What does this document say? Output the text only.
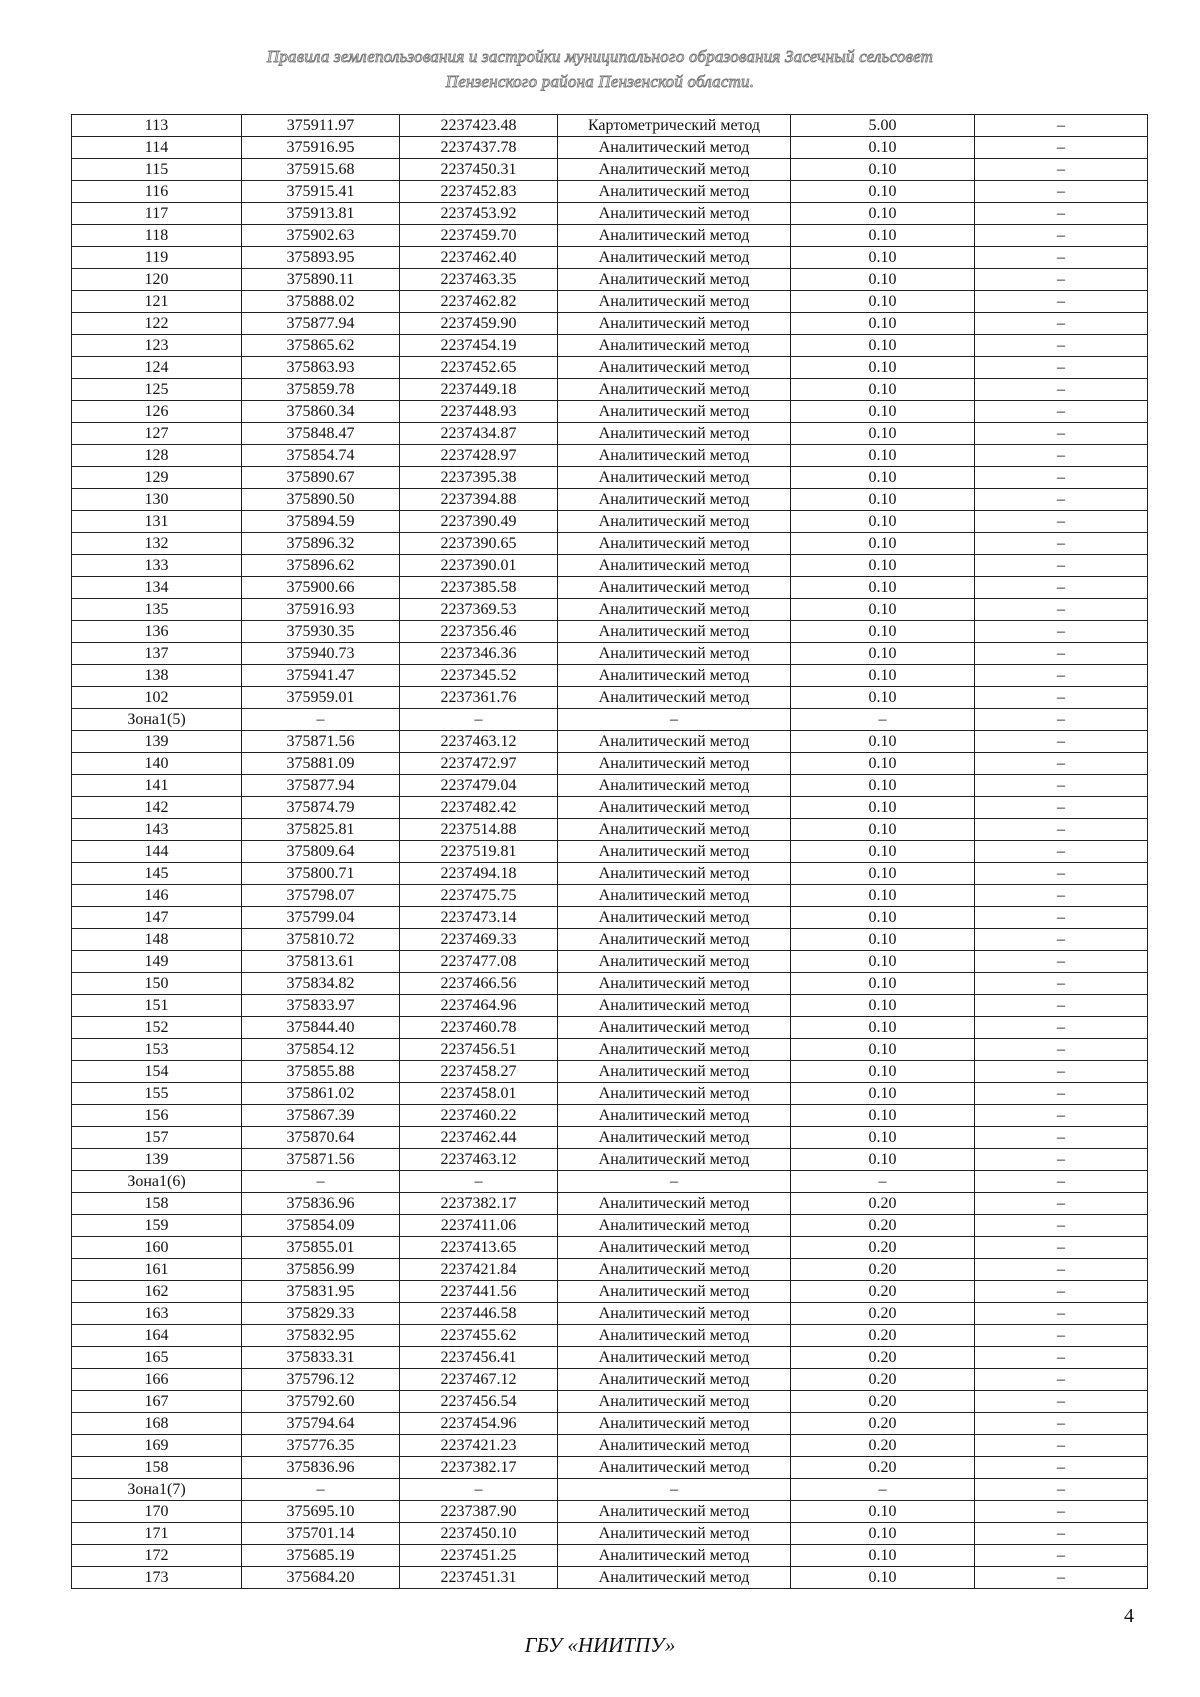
Правила землепользования и застройки муниципального образования Засечный сельсовет
Пензенского района Пензенской области.
113	375911.97	2237423.48	Картометрический метод	5.00	–
114	375916.95	2237437.78	Аналитический метод	0.10	–
115	375915.68	2237450.31	Аналитический метод	0.10	–
116	375915.41	2237452.83	Аналитический метод	0.10	–
117	375913.81	2237453.92	Аналитический метод	0.10	–
118	375902.63	2237459.70	Аналитический метод	0.10	–
119	375893.95	2237462.40	Аналитический метод	0.10	–
120	375890.11	2237463.35	Аналитический метод	0.10	–
121	375888.02	2237462.82	Аналитический метод	0.10	–
122	375877.94	2237459.90	Аналитический метод	0.10	–
123	375865.62	2237454.19	Аналитический метод	0.10	–
124	375863.93	2237452.65	Аналитический метод	0.10	–
125	375859.78	2237449.18	Аналитический метод	0.10	–
126	375860.34	2237448.93	Аналитический метод	0.10	–
127	375848.47	2237434.87	Аналитический метод	0.10	–
128	375854.74	2237428.97	Аналитический метод	0.10	–
129	375890.67	2237395.38	Аналитический метод	0.10	–
130	375890.50	2237394.88	Аналитический метод	0.10	–
131	375894.59	2237390.49	Аналитический метод	0.10	–
132	375896.32	2237390.65	Аналитический метод	0.10	–
133	375896.62	2237390.01	Аналитический метод	0.10	–
134	375900.66	2237385.58	Аналитический метод	0.10	–
135	375916.93	2237369.53	Аналитический метод	0.10	–
136	375930.35	2237356.46	Аналитический метод	0.10	–
137	375940.73	2237346.36	Аналитический метод	0.10	–
138	375941.47	2237345.52	Аналитический метод	0.10	–
102	375959.01	2237361.76	Аналитический метод	0.10	–
Зона1(5)	–	–	–	–	–
139	375871.56	2237463.12	Аналитический метод	0.10	–
140	375881.09	2237472.97	Аналитический метод	0.10	–
141	375877.94	2237479.04	Аналитический метод	0.10	–
142	375874.79	2237482.42	Аналитический метод	0.10	–
143	375825.81	2237514.88	Аналитический метод	0.10	–
144	375809.64	2237519.81	Аналитический метод	0.10	–
145	375800.71	2237494.18	Аналитический метод	0.10	–
146	375798.07	2237475.75	Аналитический метод	0.10	–
147	375799.04	2237473.14	Аналитический метод	0.10	–
148	375810.72	2237469.33	Аналитический метод	0.10	–
149	375813.61	2237477.08	Аналитический метод	0.10	–
150	375834.82	2237466.56	Аналитический метод	0.10	–
151	375833.97	2237464.96	Аналитический метод	0.10	–
152	375844.40	2237460.78	Аналитический метод	0.10	–
153	375854.12	2237456.51	Аналитический метод	0.10	–
154	375855.88	2237458.27	Аналитический метод	0.10	–
155	375861.02	2237458.01	Аналитический метод	0.10	–
156	375867.39	2237460.22	Аналитический метод	0.10	–
157	375870.64	2237462.44	Аналитический метод	0.10	–
139	375871.56	2237463.12	Аналитический метод	0.10	–
Зона1(6)	–	–	–	–	–
158	375836.96	2237382.17	Аналитический метод	0.20	–
159	375854.09	2237411.06	Аналитический метод	0.20	–
160	375855.01	2237413.65	Аналитический метод	0.20	–
161	375856.99	2237421.84	Аналитический метод	0.20	–
162	375831.95	2237441.56	Аналитический метод	0.20	–
163	375829.33	2237446.58	Аналитический метод	0.20	–
164	375832.95	2237455.62	Аналитический метод	0.20	–
165	375833.31	2237456.41	Аналитический метод	0.20	–
166	375796.12	2237467.12	Аналитический метод	0.20	–
167	375792.60	2237456.54	Аналитический метод	0.20	–
168	375794.64	2237454.96	Аналитический метод	0.20	–
169	375776.35	2237421.23	Аналитический метод	0.20	–
158	375836.96	2237382.17	Аналитический метод	0.20	–
Зона1(7)	–	–	–	–	–
170	375695.10	2237387.90	Аналитический метод	0.10	–
171	375701.14	2237450.10	Аналитический метод	0.10	–
172	375685.19	2237451.25	Аналитический метод	0.10	–
173	375684.20	2237451.31	Аналитический метод	0.10	–
4
ГБУ «НИИТПУ»
